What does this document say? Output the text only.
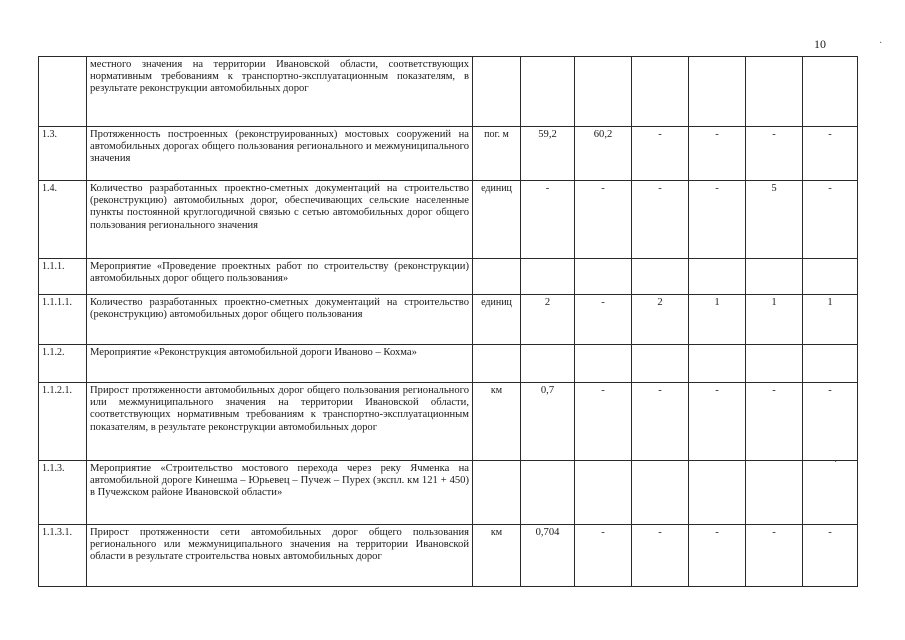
10
	местного значения на территории Ивановской области, соответствующих нормативным требованиям к транспортно-эксплуатационным показателям, в результате реконструкции автомобильных дорог							
1.3.	Протяженность построенных (реконструированных) мостовых сооружений на автомобильных дорогах общего пользования регионального и межмуниципального значения	пог. м	59,2	60,2	-	-	-	-
1.4.	Количество разработанных проектно-сметных документаций на строительство (реконструкцию) автомобильных дорог, обеспечивающих сельские населенные пункты постоянной круглогодичной связью с сетью автомобильных дорог общего пользования регионального значения	единиц	-	-	-	-	5	-
1.1.1.	Мероприятие «Проведение проектных работ по строительству (реконструкции) автомобильных дорог общего пользования»							
1.1.1.1.	Количество разработанных проектно-сметных документаций на строительство (реконструкцию) автомобильных дорог общего пользования	единиц	2	-	2	1	1	1
1.1.2.	Мероприятие «Реконструкция автомобильной дороги Иваново – Кохма»							
1.1.2.1.	Прирост протяженности автомобильных дорог общего пользования регионального или межмуниципального значения на территории Ивановской области, соответствующих нормативным требованиям к транспортно-эксплуатационным показателям, в результате реконструкции автомобильных дорог	км	0,7	-	-	-	-	-
1.1.3.	Мероприятие «Строительство мостового перехода через реку Ячменка на автомобильной дороге Кинешма – Юрьевец – Пучеж – Пурех (экспл. км 121 + 450) в Пучежском районе Ивановской области»							
1.1.3.1.	Прирост протяженности сети автомобильных дорог общего пользования регионального или межмуниципального значения на территории Ивановской области в результате строительства новых автомобильных дорог	км	0,704	-	-	-	-	-
·
·
